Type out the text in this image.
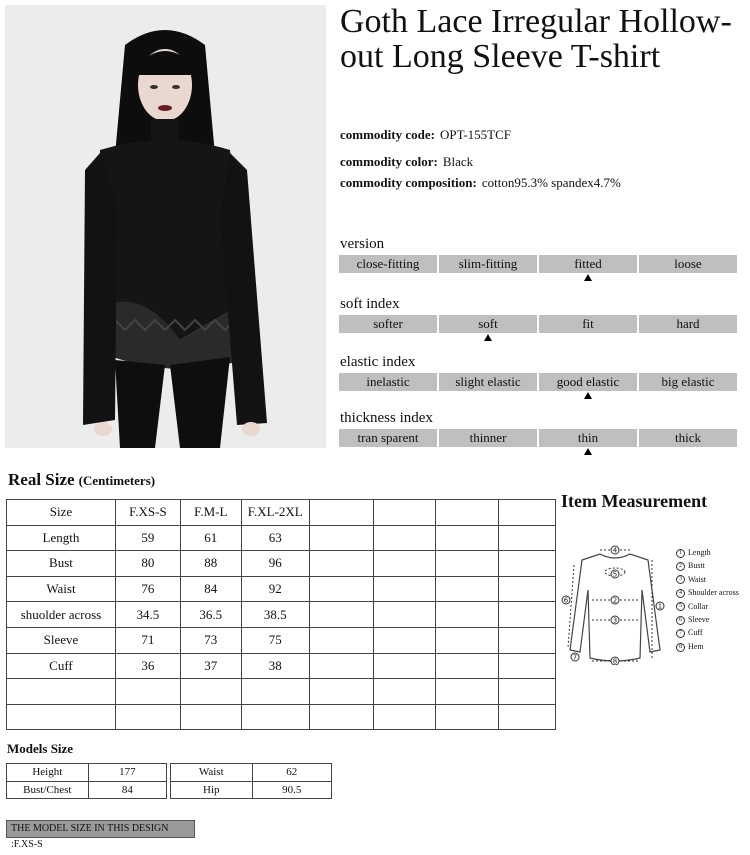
Goth Lace Irregular Hollow-out Long Sleeve T-shirt
commodity code: OPT-155TCF
commodity color: Black
commodity composition: cotton95.3% spandex4.7%
version
close-fitting	slim-fitting	fitted	loose
soft index
softer	soft	fit	hard
elastic index
inelastic	slight elastic	good elastic	big elastic
thickness index
tran sparent	thinner	thin	thick
Real Size (Centimeters)
Size	F.XS-S	F.M-L	F.XL-2XL				
Length	59	61	63				
Bust	80	88	96				
Waist	76	84	92				
shuolder across	34.5	36.5	38.5				
Sleeve	71	73	75				
Cuff	36	37	38				

Item Measurement
4
2
3
8
1
6
5
7
1 Length
2 Bustt
3 Waist
4 Shoulder across
5 Collar
6 Sleeve
7 Cuff
8 Hem
Models Size
Height	177
Bust/Chest	84
Waist	62
Hip	90.5
THE MODEL SIZE IN THIS DESIGN :F.XS-S
